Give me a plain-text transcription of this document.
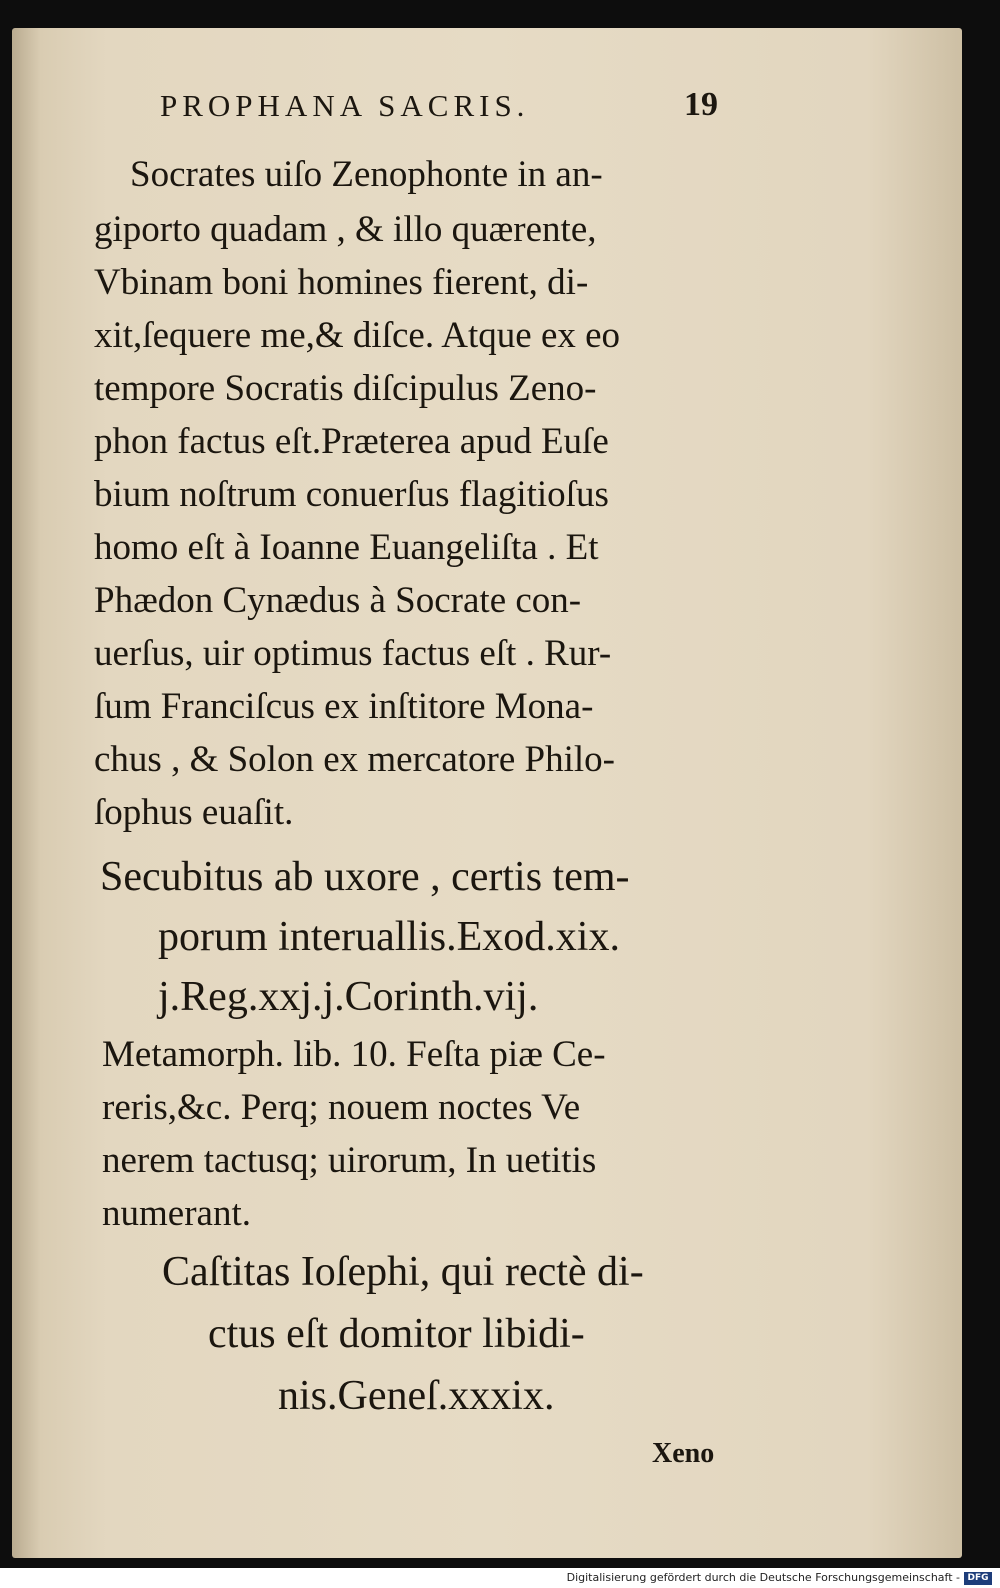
PROPHANA SACRIS.	19
Socrates uiſo Zenophonte in an-
giporto quadam , & illo quærente,
Vbinam boni homines fierent, di-
xit,ſequere me,& diſce. Atque ex eo
tempore Socratis diſcipulus Zeno-
phon factus eſt.Præterea apud Euſe
bium noſtrum conuerſus flagitioſus
homo eſt à Ioanne Euangeliſta . Et
Phædon Cynædus à Socrate con-
uerſus, uir optimus factus eſt . Rur-
ſum Franciſcus ex inſtitore Mona-
chus , & Solon ex mercatore Philo-
ſophus euaſit.
Secubitus ab uxore , certis tem-
porum interuallis.Exod.xix.
j.Reg.xxj.j.Corinth.vij.
Metamorph. lib. 10. Feſta piæ Ce-
reris,&c. Perq; nouem noctes Ve
nerem tactusq; uirorum, In uetitis
numerant.
Caſtitas Ioſephi, qui rectè di-
ctus eſt domitor libidi-
nis.Geneſ.xxxix.
Xeno
Digitalisierung gefördert durch die Deutsche Forschungsgemeinschaft - DFG
